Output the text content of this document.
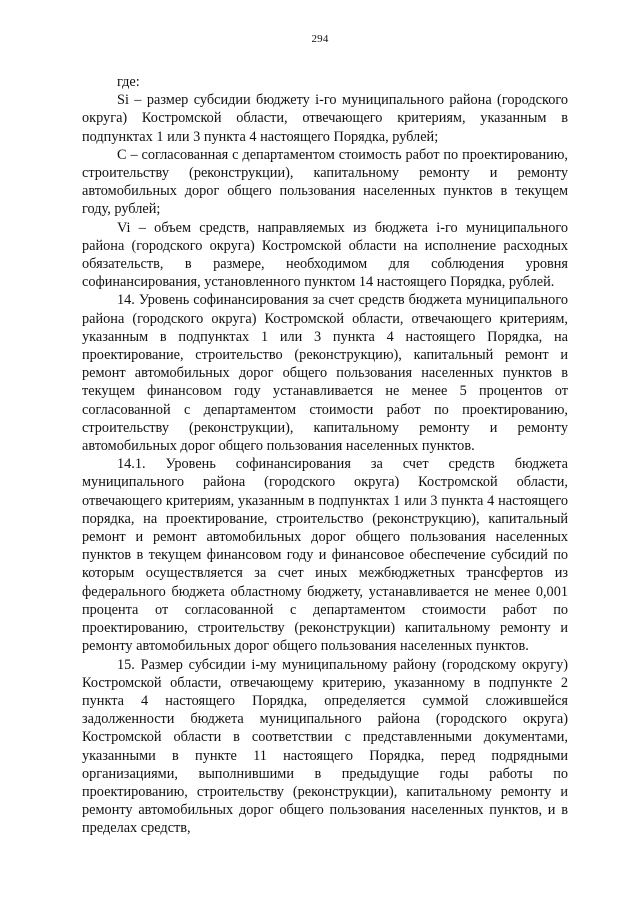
294

где:

Si – размер субсидии бюджету i-го муниципального района (городского округа) Костромской области, отвечающего критериям, указанным в подпунктах 1 или 3 пункта 4 настоящего Порядка, рублей;

С – согласованная с департаментом стоимость работ по проектированию, строительству (реконструкции), капитальному ремонту и ремонту автомобильных дорог общего пользования населенных пунктов в текущем году, рублей;

Vi – объем средств, направляемых из бюджета i-го муниципального района (городского округа) Костромской области на исполнение расходных обязательств, в размере, необходимом для соблюдения уровня софинансирования, установленного пунктом 14 настоящего Порядка, рублей.

14. Уровень софинансирования за счет средств бюджета муниципального района (городского округа) Костромской области, отвечающего критериям, указанным в подпунктах 1 или 3 пункта 4 настоящего Порядка, на проектирование, строительство (реконструкцию), капитальный ремонт и ремонт автомобильных дорог общего пользования населенных пунктов в текущем финансовом году устанавливается не менее 5 процентов от согласованной с департаментом стоимости работ по проектированию, строительству (реконструкции), капитальному ремонту и ремонту автомобильных дорог общего пользования населенных пунктов.

14.1. Уровень софинансирования за счет средств бюджета муниципального района (городского округа) Костромской области, отвечающего критериям, указанным в подпунктах 1 или 3 пункта 4 настоящего порядка, на проектирование, строительство (реконструкцию), капитальный ремонт и ремонт автомобильных дорог общего пользования населенных пунктов в текущем финансовом году и финансовое обеспечение субсидий по которым осуществляется за счет иных межбюджетных трансфертов из федерального бюджета областному бюджету, устанавливается не менее 0,001 процента от согласованной с департаментом стоимости работ по проектированию, строительству (реконструкции) капитальному ремонту и ремонту автомобильных дорог общего пользования населенных пунктов.

15. Размер субсидии i-му муниципальному району (городскому округу) Костромской области, отвечающему критерию, указанному в подпункте 2 пункта 4 настоящего Порядка, определяется суммой сложившейся задолженности бюджета муниципального района (городского округа) Костромской области в соответствии с представленными документами, указанными в пункте 11 настоящего Порядка, перед подрядными организациями, выполнившими в предыдущие годы работы по проектированию, строительству (реконструкции), капитальному ремонту и ремонту автомобильных дорог общего пользования населенных пунктов, и в пределах средств,
